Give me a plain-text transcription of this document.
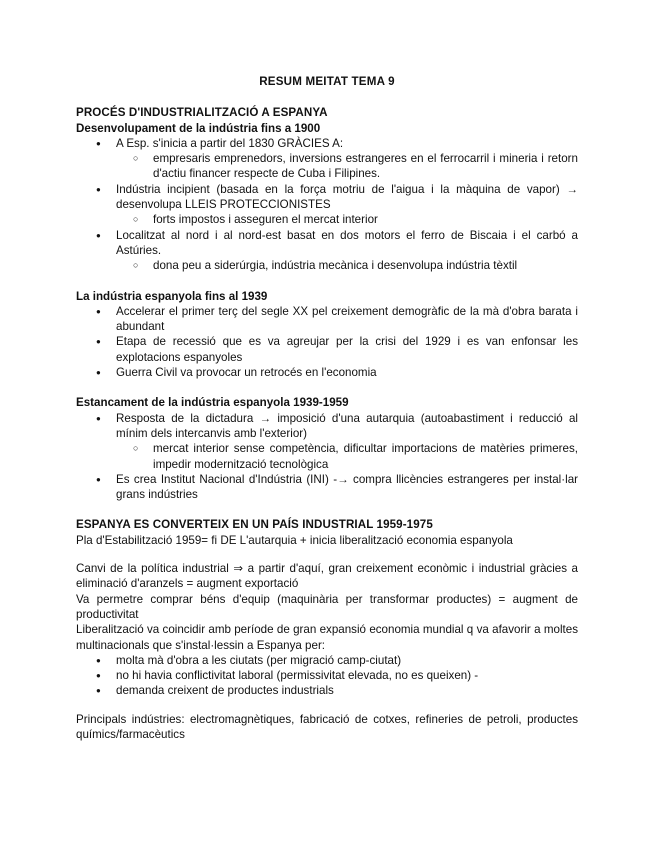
RESUM MEITAT TEMA 9
PROCÉS D'INDUSTRIALITZACIÓ A ESPANYA
Desenvolupament de la indústria fins a 1900
● A Esp. s'inicia a partir del 1830 GRÀCIES A:
○ empresaris emprenedors, inversions estrangeres en el ferrocarril i mineria i retorn d'actiu financer respecte de Cuba i Filipines.
● Indústria incipient (basada en la força motriu de l'aigua i la màquina de vapor) → desenvolupa LLEIS PROTECCIONISTES
○ forts impostos i asseguren el mercat interior
● Localitzat al nord i al nord-est basat en dos motors el ferro de Biscaia i el carbó a Astúries.
○ dona peu a siderúrgia, indústria mecànica i desenvolupa indústria tèxtil
La indústria espanyola fins al 1939
● Accelerar el primer terç del segle XX pel creixement demogràfic de la mà d'obra barata i abundant
● Etapa de recessió que es va agreujar per la crisi del 1929 i es van enfonsar les explotacions espanyoles
● Guerra Civil va provocar un retrocés en l'economia
Estancament de la indústria espanyola 1939-1959
● Resposta de la dictadura → imposició d'una autarquia (autoabastiment i reducció al mínim dels intercanvis amb l'exterior)
○ mercat interior sense competència, dificultar importacions de matèries primeres, impedir modernització tecnològica
● Es crea Institut Nacional d'Indústria (INI) -→ compra llicències estrangeres per instal·lar grans indústries
ESPANYA ES CONVERTEIX EN UN PAÍS INDUSTRIAL 1959-1975

Pla d'Estabilització 1959= fi DE L'autarquia + inicia liberalització economia espanyola

Canvi de la política industrial ⇒ a partir d'aquí, gran creixement econòmic i industrial gràcies a eliminació d'aranzels = augment exportació

Va permetre comprar béns d'equip (maquinària per transformar productes) = augment de productivitat

Liberalització va coincidir amb període de gran expansió economia mundial q va afavorir a moltes multinacionals que s'instal·lessin a Espanya per:

● molta mà d'obra a les ciutats (per migració camp-ciutat)
● no hi havia conflictivitat laboral (permissivitat elevada, no es queixen) -
● demanda creixent de productes industrials

Principals indústries: electromagnètiques, fabricació de cotxes, refineries de petroli, productes químics/farmacèutics
